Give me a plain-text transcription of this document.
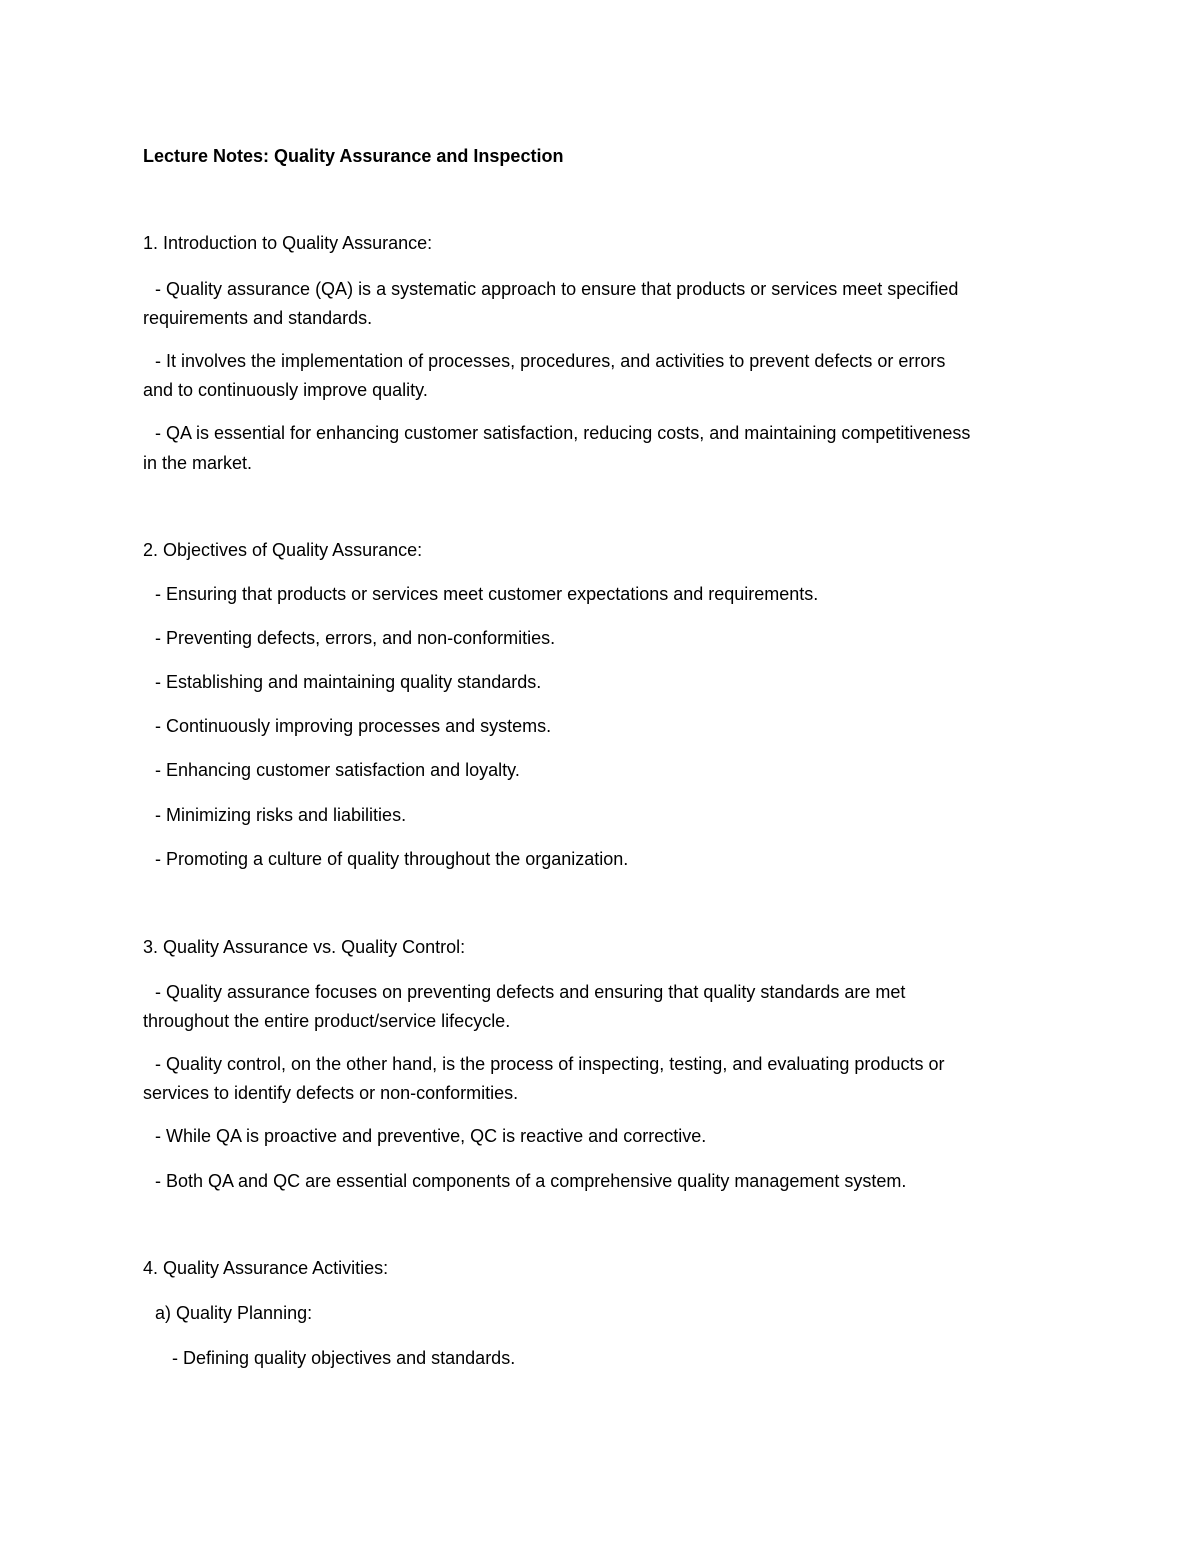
Lecture Notes: Quality Assurance and Inspection
1. Introduction to Quality Assurance:
- Quality assurance (QA) is a systematic approach to ensure that products or services meet specified
requirements and standards.
- It involves the implementation of processes, procedures, and activities to prevent defects or errors
and to continuously improve quality.
- QA is essential for enhancing customer satisfaction, reducing costs, and maintaining competitiveness
in the market.
2. Objectives of Quality Assurance:
- Ensuring that products or services meet customer expectations and requirements.
- Preventing defects, errors, and non-conformities.
- Establishing and maintaining quality standards.
- Continuously improving processes and systems.
- Enhancing customer satisfaction and loyalty.
- Minimizing risks and liabilities.
- Promoting a culture of quality throughout the organization.
3. Quality Assurance vs. Quality Control:
- Quality assurance focuses on preventing defects and ensuring that quality standards are met
throughout the entire product/service lifecycle.
- Quality control, on the other hand, is the process of inspecting, testing, and evaluating products or
services to identify defects or non-conformities.
- While QA is proactive and preventive, QC is reactive and corrective.
- Both QA and QC are essential components of a comprehensive quality management system.
4. Quality Assurance Activities:
a) Quality Planning:
- Defining quality objectives and standards.
